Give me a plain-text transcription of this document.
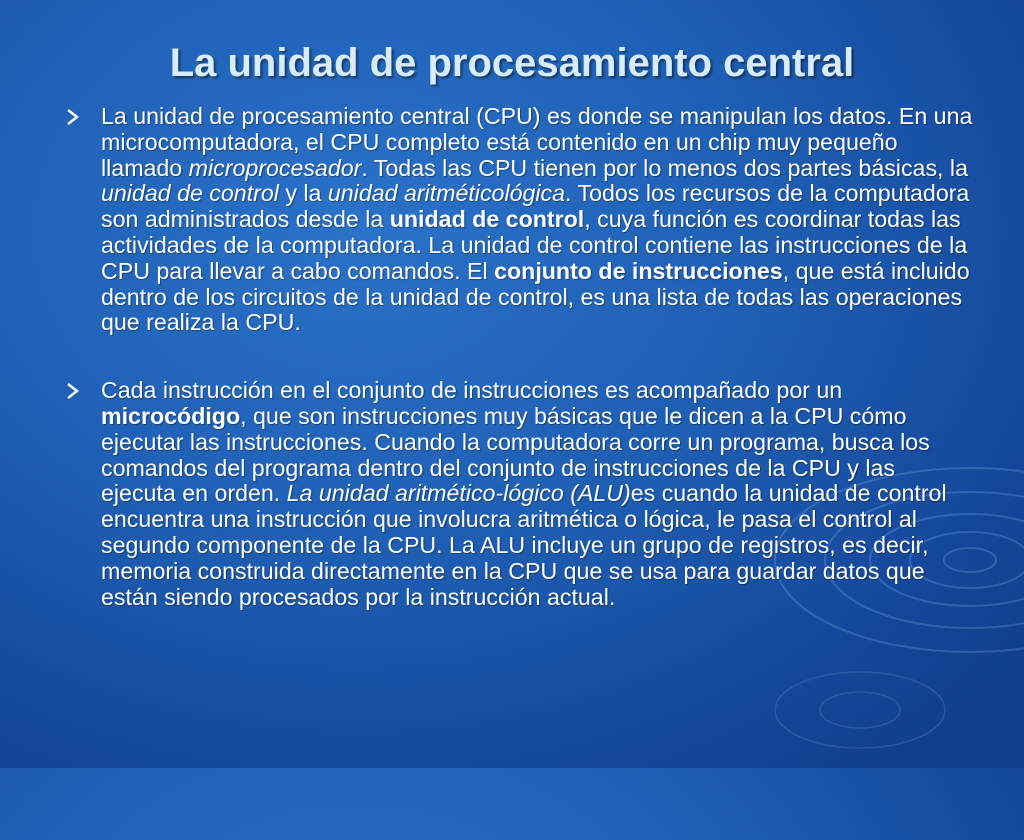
La unidad de procesamiento central
La unidad de procesamiento central (CPU) es donde se manipulan los datos. En una microcomputadora, el CPU completo está contenido en un chip muy pequeño llamado microprocesador. Todas las CPU tienen por lo menos dos partes básicas, la unidad de control y la unidad aritméticológica. Todos los recursos de la computadora son administrados desde la unidad de control, cuya función es coordinar todas las actividades de la computadora. La unidad de control contiene las instrucciones de la CPU para llevar a cabo comandos. El conjunto de instrucciones, que está incluido dentro de los circuitos de la unidad de control, es una lista de todas las operaciones que realiza la CPU.
Cada instrucción en el conjunto de instrucciones es acompañado por un microcódigo, que son instrucciones muy básicas que le dicen a la CPU cómo ejecutar las instrucciones. Cuando la computadora corre un programa, busca los comandos del programa dentro del conjunto de instrucciones de la CPU y las ejecuta en orden. La unidad aritmético-lógico (ALU)es cuando la unidad de control encuentra una instrucción que involucra aritmética o lógica, le pasa el control al segundo componente de la CPU. La ALU incluye un grupo de registros, es decir, memoria construida directamente en la CPU que se usa para guardar datos que están siendo procesados por la instrucción actual.
